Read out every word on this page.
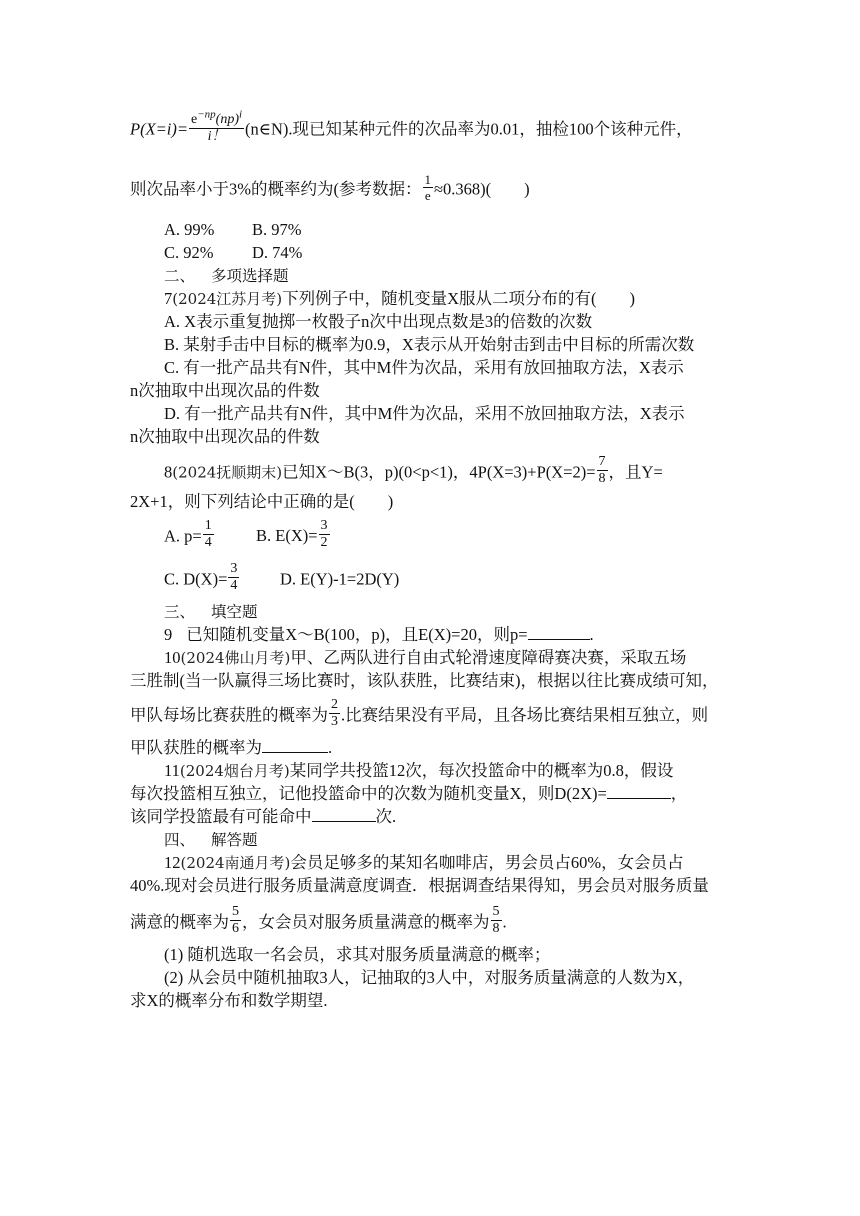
$P(X=i)= \frac{e^{-np}(np)^i}{i!}$ (n∈N).现已知某种元件的次品率为0.01，抽检100个该种元件，
则次品率小于3%的概率约为(参考数据： $\frac{1}{e} \approx 0.368$)(　　)
A. 99% B. 97%
C. 92% D. 74%
二、 多项选择题
7(2024江苏月考)下列例子中，随机变量X服从二项分布的有(　　)
A. X表示重复抛掷一枚骰子n次中出现点数是3的倍数的次数
B. 某射手击中目标的概率为0.9，X表示从开始射击到击中目标的所需次数
C. 有一批产品共有N件，其中M件为次品，采用有放回抽取方法，X表示
n次抽取中出现次品的件数
D. 有一批产品共有N件，其中M件为次品，采用不放回抽取方法，X表示
n次抽取中出现次品的件数
8(2024抚顺期末)已知X～B(3，p)(0<p<1)，$4P(X=3)+P(X=2)= \frac{7}{8}$ ，且Y=
2X+1，则下列结论中正确的是(　　)
A. $p= \frac{1}{4}$	B. $E(X)= \frac{3}{2}$
C. $D(X)= \frac{3}{4} D$. E(Y)-1=2D(Y)
三、 填空题
9 已知随机变量X～B(100，p)，且E(X)=20，则p=	.
10(2024佛山月考)甲、乙两队进行自由式轮滑速度障碍赛决赛，采取五场
三胜制(当一队赢得三场比赛时，该队获胜，比赛结束)，根据以往比赛成绩可知，
甲队每场比赛获胜的概率为 $\frac{2}{3}$ .比赛结果没有平局，且各场比赛结果相互独立，则
甲队获胜的概率为	.
11(2024烟台月考)某同学共投篮12次，每次投篮命中的概率为0.8，假设
每次投篮相互独立，记他投篮命中的次数为随机变量X，则D(2X)=	，
该同学投篮最有可能命中	次.
四、 解答题
12(2024南通月考)会员足够多的某知名咖啡店，男会员占60%，女会员占
40%.现对会员进行服务质量满意度调查．根据调查结果得知，男会员对服务质量
满意的概率为 $\frac{5}{6}$ ，女会员对服务质量满意的概率为 $\frac{5}{8}$ .
(1) 随机选取一名会员，求其对服务质量满意的概率；
(2) 从会员中随机抽取3人，记抽取的3人中，对服务质量满意的人数为X，
求X的概率分布和数学期望.
